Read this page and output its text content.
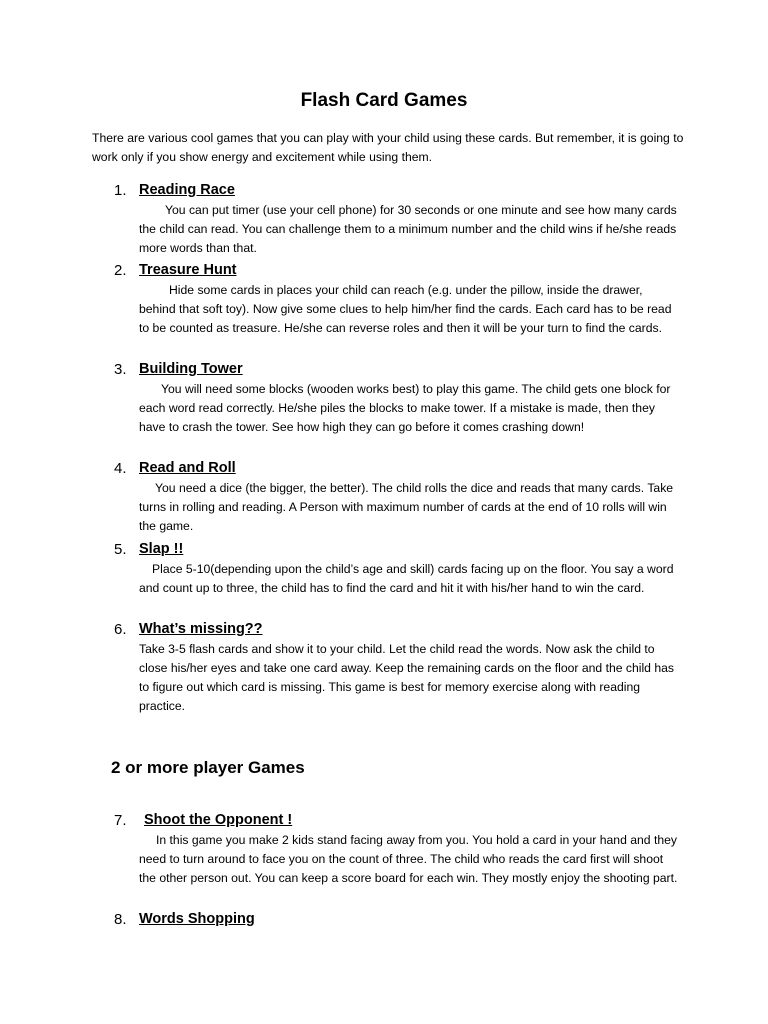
Flash Card Games
There are various cool games that you can play with your child using these cards. But remember, it is going to work only if you show energy and excitement while using them.
1. Reading Race
You can put timer (use your cell phone) for 30 seconds or one minute and see how many cards the child can read. You can challenge them to a minimum number and the child wins if he/she reads more words than that.
2. Treasure Hunt
Hide some cards in places your child can reach (e.g. under the pillow, inside the drawer, behind that soft toy). Now give some clues to help him/her find the cards. Each card has to be read to be counted as treasure. He/she can reverse roles and then it will be your turn to find the cards.
3. Building Tower
You will need some blocks (wooden works best) to play this game. The child gets one block for each word read correctly. He/she piles the blocks to make tower. If a mistake is made, then they have to crash the tower. See how high they can go before it comes crashing down!
4. Read and Roll
You need a dice (the bigger, the better). The child rolls the dice and reads that many cards. Take turns in rolling and reading. A Person with maximum number of cards at the end of 10 rolls will win the game.
5. Slap !!
Place 5-10(depending upon the child’s age and skill) cards facing up on the floor. You say a word and count up to three, the child has to find the card and hit it with his/her hand to win the card.
6. What’s missing??
Take 3-5 flash cards and show it to your child. Let the child read the words. Now ask the child to close his/her eyes and take one card away. Keep the remaining cards on the floor and the child has to figure out which card is missing. This game is best for memory exercise along with reading practice.
2 or more player Games
7.	Shoot the Opponent !
In this game you make 2 kids stand facing away from you. You hold a card in your hand and they need to turn around to face you on the count of three. The child who reads the card first will shoot the other person out. You can keep a score board for each win. They mostly enjoy the shooting part.
8. Words Shopping
